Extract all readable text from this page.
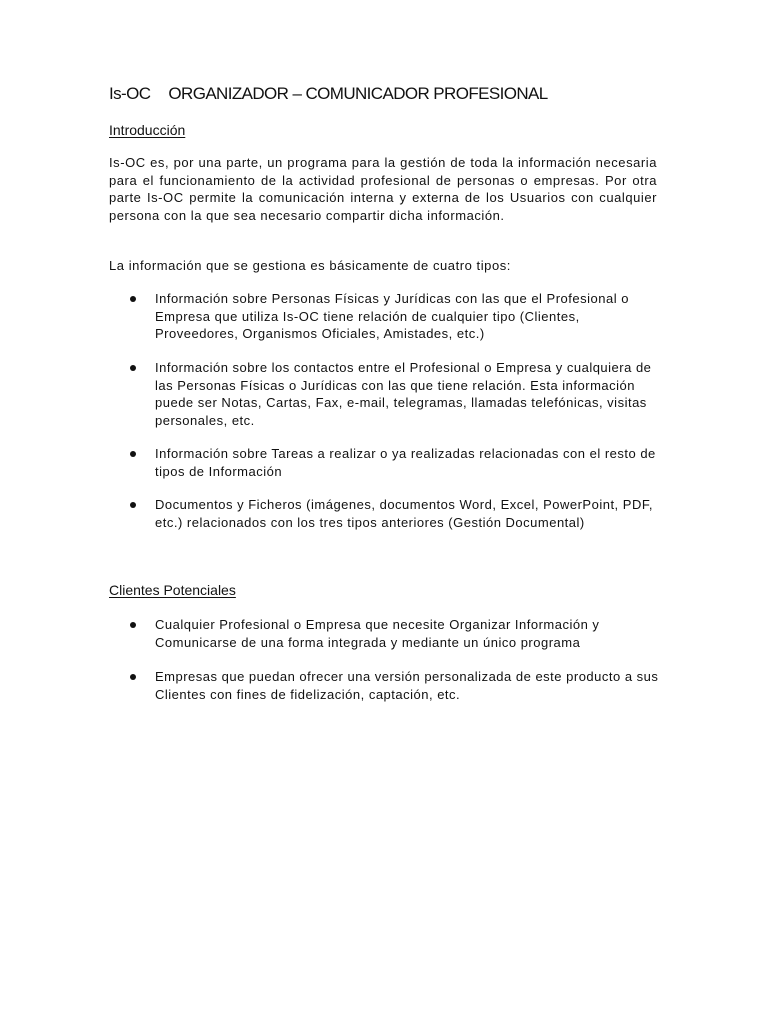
Is-OC ORGANIZADOR – COMUNICADOR PROFESIONAL
Introducción

Is-OC es, por una parte, un programa para la gestión de toda la información necesaria para el funcionamiento de la actividad profesional de personas o empresas. Por otra parte Is-OC permite la comunicación interna y externa de los Usuarios con cualquier persona con la que sea necesario compartir dicha información.

La información que se gestiona es básicamente de cuatro tipos:

Información sobre Personas Físicas y Jurídicas con las que el Profesional o Empresa que utiliza Is-OC tiene relación de cualquier tipo (Clientes, Proveedores, Organismos Oficiales, Amistades, etc.)
Información sobre los contactos entre el Profesional o Empresa y cualquiera de las Personas Físicas o Jurídicas con las que tiene relación. Esta información puede ser Notas, Cartas, Fax, e-mail, telegramas, llamadas telefónicas, visitas personales, etc.
Información sobre Tareas a realizar o ya realizadas relacionadas con el resto de tipos de Información
Documentos y Ficheros (imágenes, documentos Word, Excel, PowerPoint, PDF, etc.) relacionados con los tres tipos anteriores (Gestión Documental)
Clientes Potenciales
Cualquier Profesional o Empresa que necesite Organizar Información y Comunicarse de una forma integrada y mediante un único programa
Empresas que puedan ofrecer una versión personalizada de este producto a sus Clientes con fines de fidelización, captación, etc.
